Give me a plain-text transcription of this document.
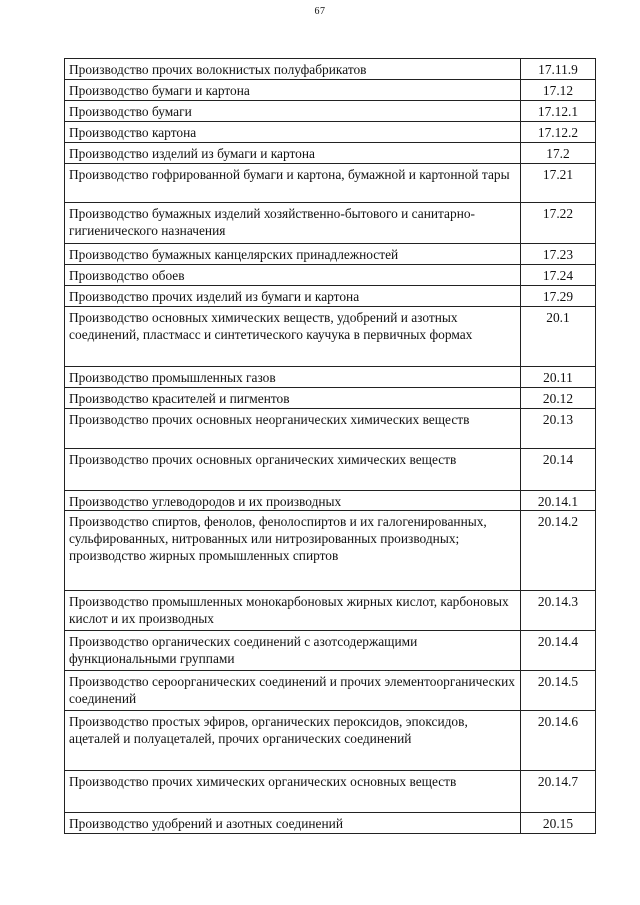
67
Производство прочих волокнистых полуфабрикатов	17.11.9
Производство бумаги и картона	17.12
Производство бумаги	17.12.1
Производство картона	17.12.2
Производство изделий из бумаги и картона	17.2
Производство гофрированной бумаги и картона, бумажной и картонной тары	17.21
Производство бумажных изделий хозяйственно-бытового и санитарно-гигиенического назначения	17.22
Производство бумажных канцелярских принадлежностей	17.23
Производство обоев	17.24
Производство прочих изделий из бумаги и картона	17.29
Производство основных химических веществ, удобрений и азотных соединений, пластмасс и синтетического каучука в первичных формах	20.1
Производство промышленных газов	20.11
Производство красителей и пигментов	20.12
Производство прочих основных неорганических химических веществ	20.13
Производство прочих основных органических химических веществ	20.14
Производство углеводородов и их производных	20.14.1
Производство спиртов, фенолов, фенолоспиртов и их галогенированных, сульфированных, нитрованных или нитрозированных производных; производство жирных промышленных спиртов	20.14.2
Производство промышленных монокарбоновых жирных кислот, карбоновых кислот и их производных	20.14.3
Производство органических соединений с азотсодержащими функциональными группами	20.14.4
Производство сероорганических соединений и прочих элементоорганических соединений	20.14.5
Производство простых эфиров, органических пероксидов, эпоксидов, ацеталей и полуацеталей, прочих органических соединений	20.14.6
Производство прочих химических органических основных веществ	20.14.7
Производство удобрений и азотных соединений	20.15
